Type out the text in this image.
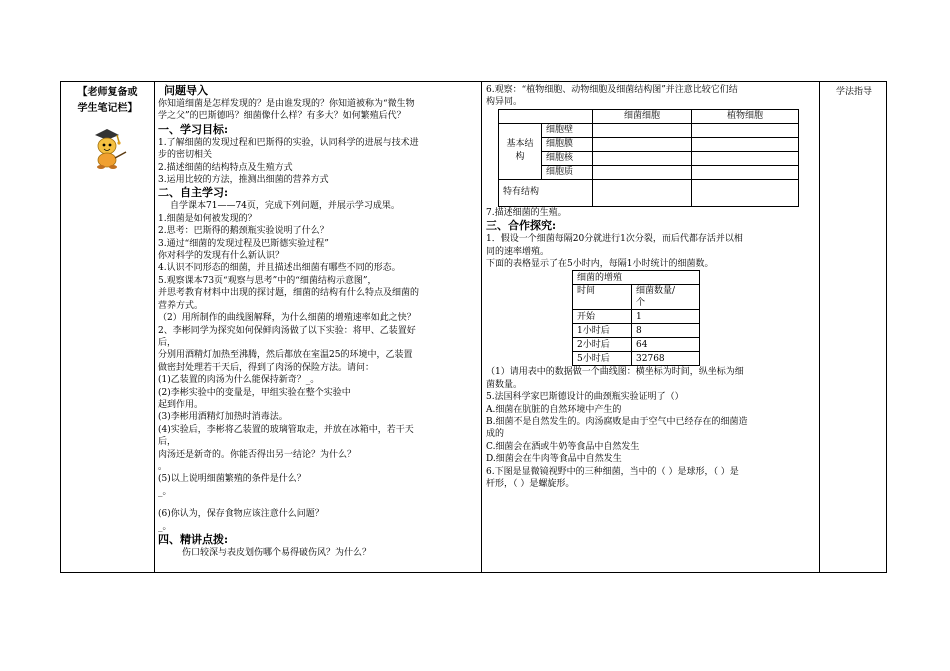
【老师复备或
学生笔记栏】
问题导入
你知道细菌是怎样发现的？是由谁发现的？你知道被称为“微生物
学之父”的巴斯德吗？细菌像什么样？有多大？如何繁殖后代？
一、学习目标:
1.了解细菌的发现过程和巴斯得的实验，认同科学的进展与技术进
步的密切相关
2.描述细菌的结构特点及生殖方式
3.运用比较的方法，推测出细菌的营养方式
二、自主学习:
自学课本71——74页，完成下列问题，并展示学习成果。
1.细菌是如何被发现的？
2.思考：巴斯得的鹅颈瓶实验说明了什么？
3.通过“细菌的发现过程及巴斯德实验过程”
你对科学的发现有什么新认识？
4.认识不同形态的细菌，并且描述出细菌有哪些不同的形态。
5.观察课本73页“观察与思考”中的“细菌结构示意图”，
并思考教育材料中出现的探讨题，细菌的结构有什么特点及细菌的
营养方式。
（2）用所制作的曲线图解释，为什么细菌的增殖速率如此之快？
2、李彬同学为探究如何保鲜肉汤做了以下实验：将甲、乙装置好
后，
分别用酒精灯加热至沸腾，然后都放在室温25的环境中，乙装置
做密封处理若干天后，得到了肉汤的保险方法。请问：
(1)乙装置的肉汤为什么能保持新奇？_。
(2)李彬实验中的变量是，甲组实验在整个实验中
起到作用。
(3)李彬用酒精灯加热时消毒法。
(4)实验后，李彬将乙装置的玻璃管取走，并放在冰箱中，若干天
后，
肉汤还是新奇的。你能否得出另一结论？为什么？
。
(5)以上说明细菌繁殖的条件是什么？
_。
(6)你认为，保存食物应该注意什么问题？
_。
四、精讲点拨:
伤口较深与表皮划伤哪个易得破伤风？为什么？
6.观察：“植物细胞、动物细胞及细菌结构图”并注意比较它们结
构异同。
		细菌细胞	植物细胞
基本结构	细胞壁		
	细胞膜		
	细胞核		
	细胞质		
特有结构			
7.描述细菌的生殖。
三、合作探究:
1．假设一个细菌每隔20分就进行1次分裂，而后代都存活并以相
同的速率增殖。
下面的表格显示了在5小时内，每隔1小时统计的细菌数。
细菌的增殖	
时间	细菌数量/
个

开始	1
1小时后	8
2小时后	64
5小时后	32768
（1）请用表中的数据做一个曲线图：横坐标为时间，纵坐标为细
菌数量。
5.法国科学家巴斯德设计的曲颈瓶实验证明了（）
A.细菌在肮脏的自然环境中产生的
B.细菌不是自然发生的。肉汤腐败是由于空气中已经存在的细菌造
成的
C.细菌会在酒或牛奶等食品中自然发生
D.细菌会在牛肉等食品中自然发生
6.下图是显微镜视野中的三种细菌，当中的（ ）是球形，（ ）是
杆形，（ ）是螺旋形。
学法指导
